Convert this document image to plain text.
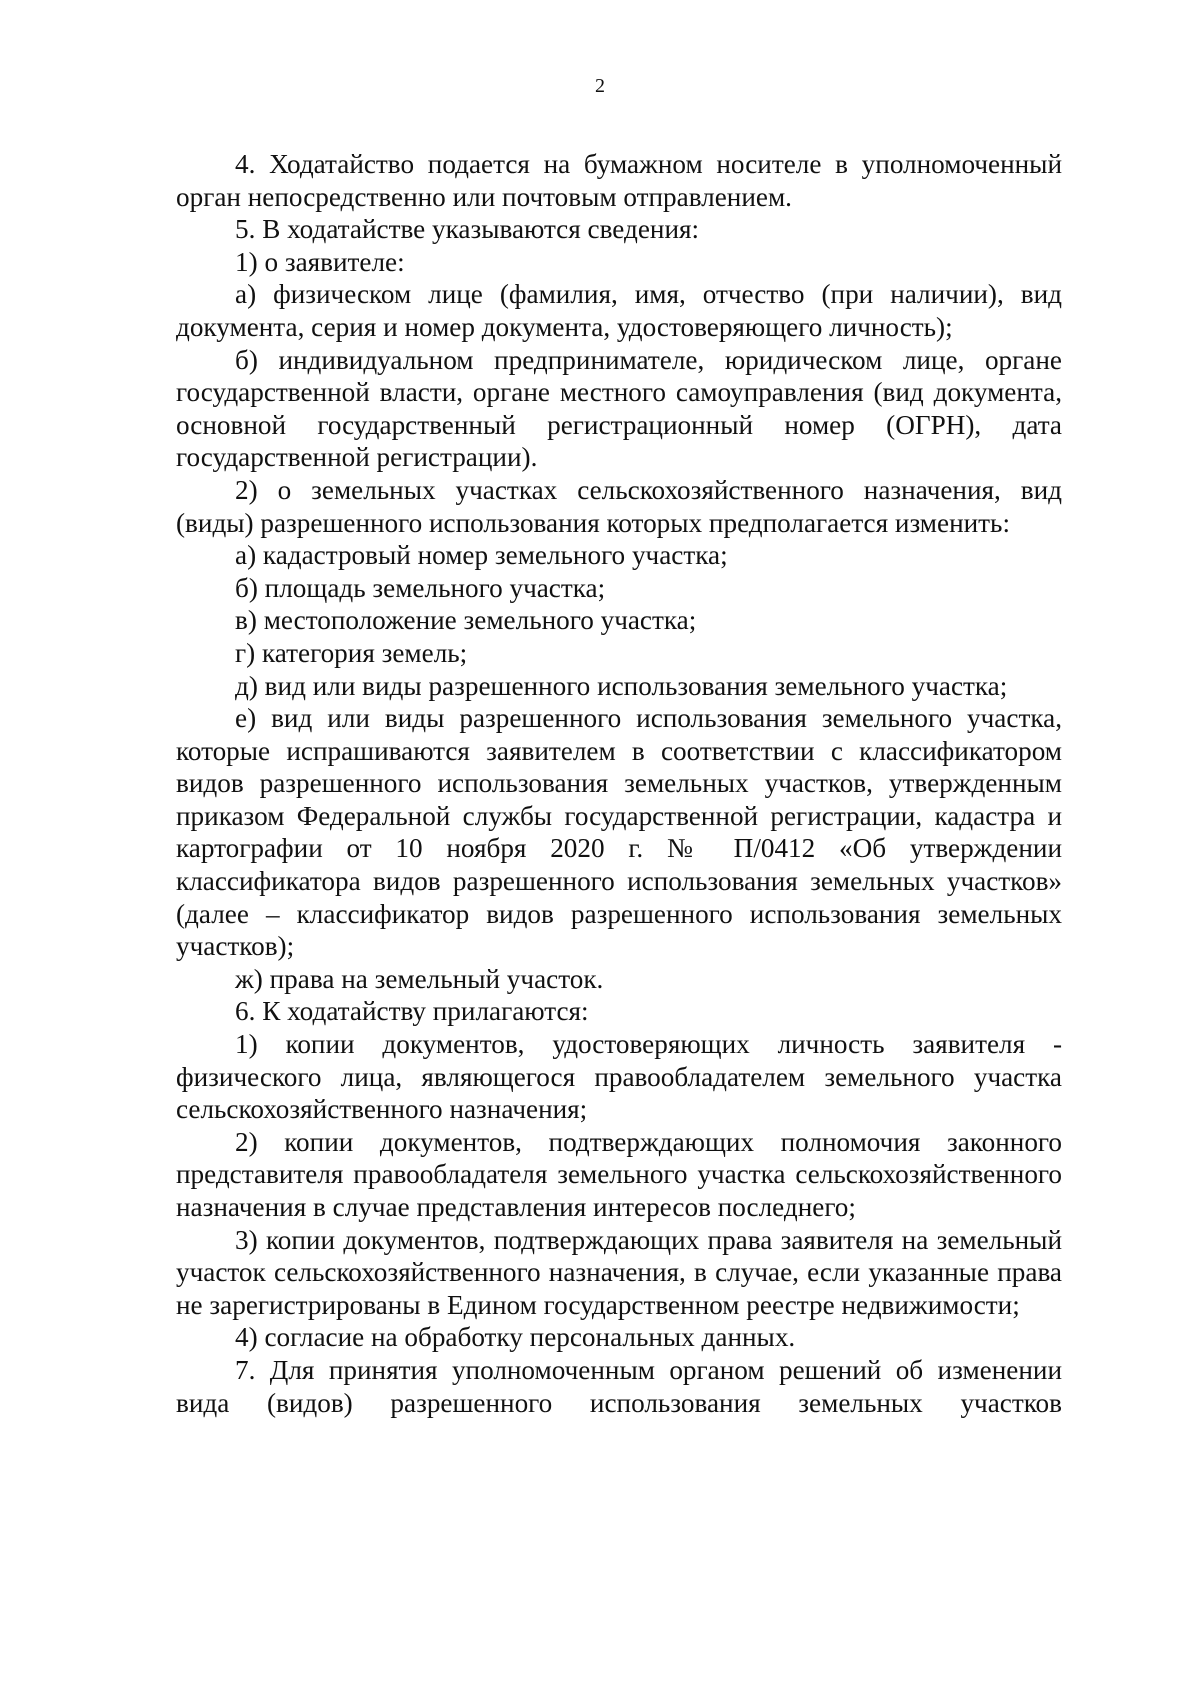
2

4. Ходатайство подается на бумажном носителе в уполномоченный орган непосредственно или почтовым отправлением.

5. В ходатайстве указываются сведения:

1) о заявителе:

а) физическом лице (фамилия, имя, отчество (при наличии), вид документа, серия и номер документа, удостоверяющего личность);

б) индивидуальном предпринимателе, юридическом лице, органе государственной власти, органе местного самоуправления (вид документа, основной государственный регистрационный номер (ОГРН), дата государственной регистрации).

2) о земельных участках сельскохозяйственного назначения, вид (виды) разрешенного использования которых предполагается изменить:

а) кадастровый номер земельного участка;

б) площадь земельного участка;

в) местоположение земельного участка;

г) категория земель;

д) вид или виды разрешенного использования земельного участка;

е) вид или виды разрешенного использования земельного участка, которые испрашиваются заявителем в соответствии с классификатором видов разрешенного использования земельных участков, утвержденным приказом Федеральной службы государственной регистрации, кадастра и картографии от 10 ноября 2020 г. № П/0412 «Об утверждении классификатора видов разрешенного использования земельных участков» (далее – классификатор видов разрешенного использования земельных участков);

ж) права на земельный участок.

6. К ходатайству прилагаются:

1) копии документов, удостоверяющих личность заявителя - физического лица, являющегося правообладателем земельного участка сельскохозяйственного назначения;

2) копии документов, подтверждающих полномочия законного представителя правообладателя земельного участка сельскохозяйственного назначения в случае представления интересов последнего;

3) копии документов, подтверждающих права заявителя на земельный участок сельскохозяйственного назначения, в случае, если указанные права не зарегистрированы в Едином государственном реестре недвижимости;

4) согласие на обработку персональных данных.

7. Для принятия уполномоченным органом решений об изменении вида (видов) разрешенного использования земельных участков
